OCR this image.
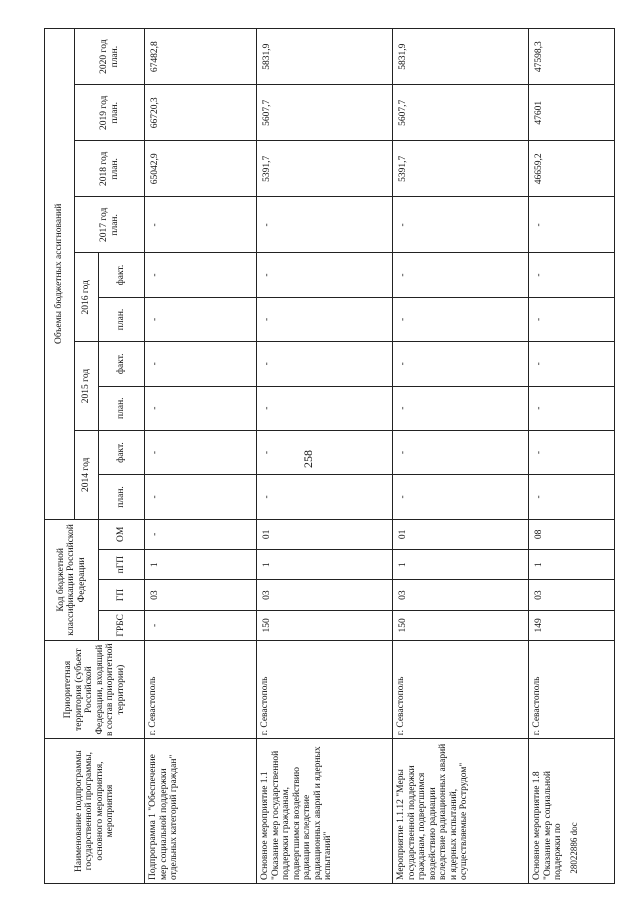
258
28022886 doc
Наименование подпрограммы государственной программы, основного мероприятия, мероприятия	Приоритетная территория (субъект Российской Федерации, входящий в состав приоритетной территории)	Код бюджетной классификации Российской Федерации				Объемы бюджетных ассигнований									
						2014 год		2015 год		2016 год		2017 год план.	2018 год план.	2019 год план.	2020 год план.
		ГРБС	ГП	пГП	ОМ	план.	факт.	план.	факт.	план.	факт.				
Подпрограмма 1 "Обеспечение мер социальной поддержки отдельных категорий граждан"	г. Севастополь	-	03	1	-	-	-	-	-	-	-	-	65042,9	66720,3	67482,8
Основное мероприятие 1.1 "Оказание мер государственной поддержки гражданам, подвергшимся воздействию радиации вследствие радиационных аварий и ядерных испытаний"	г. Севастополь	150	03	1	01	-	-	-	-	-	-	-	5391,7	5607,7	5831,9
Мероприятие 1.1.12 "Меры государственной поддержки гражданам, подвергшимся воздействию радиации вследствие радиационных аварий и ядерных испытаний, осуществляемые Рострудом"	г. Севастополь	150	03	1	01	-	-	-	-	-	-	-	5391,7	5607,7	5831,9
Основное мероприятие 1.8 "Оказание мер социальной поддержки по	г. Севастополь	149	03	1	08	-	-	-	-	-	-	-	46659,2	47601	47598,3
